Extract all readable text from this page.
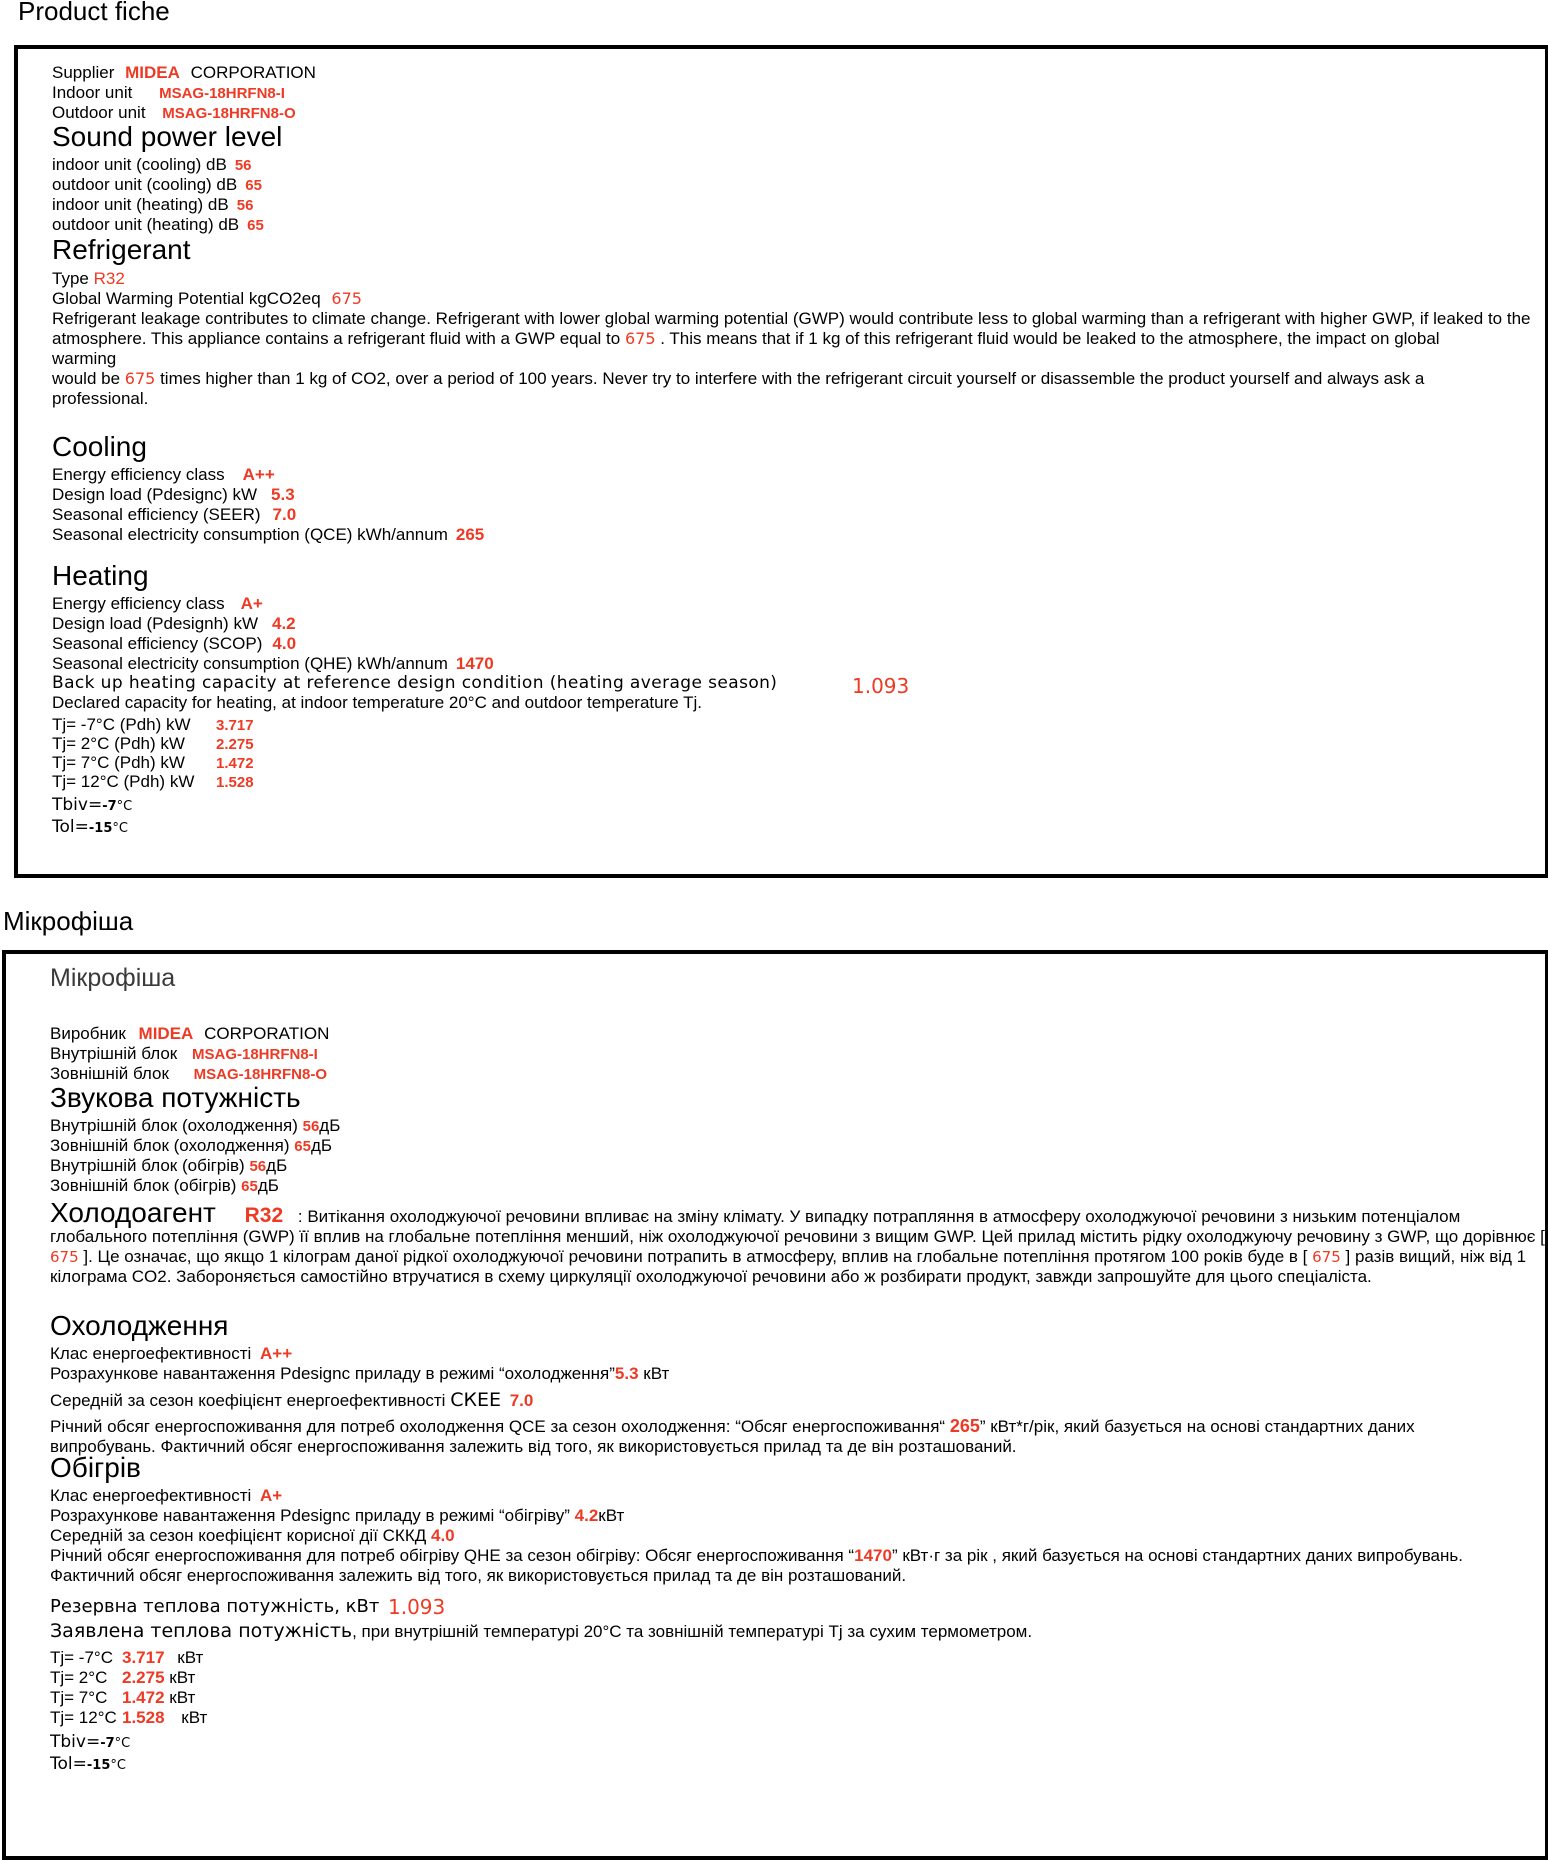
Product fiche
Supplier MIDEA CORPORATION
Indoor unit MSAG-18HRFN8-I
Outdoor unit MSAG-18HRFN8-O
Sound power level
indoor unit (cooling) dB 56
outdoor unit (cooling) dB 65
indoor unit (heating) dB 56
outdoor unit (heating) dB 65
Refrigerant
Type R32
Global Warming Potential kgCO2eq 675
Refrigerant leakage contributes to climate change. Refrigerant with lower global warming potential (GWP) would contribute less to global warming than a refrigerant with higher GWP, if leaked to the
atmosphere. This appliance contains a refrigerant fluid with a GWP equal to 675 . This means that if 1 kg of this refrigerant fluid would be leaked to the atmosphere, the impact on global warming
would be 675 times higher than 1 kg of CO2, over a period of 100 years. Never try to interfere with the refrigerant circuit yourself or disassemble the product yourself and always ask a professional.
Cooling
Energy efficiency class A++
Design load (Pdesignc) kW 5.3
Seasonal efficiency (SEER) 7.0
Seasonal electricity consumption (QCE) kWh/annum 265
Heating
Energy efficiency class A+
Design load (Pdesignh) kW 4.2
Seasonal efficiency (SCOP) 4.0
Seasonal electricity consumption (QHE) kWh/annum 1470
Back up heating capacity at reference design condition (heating average season)	1.093
Declared capacity for heating, at indoor temperature 20°C and outdoor temperature Tj.
Tj= -7°C (Pdh) kW 3.717
Tj= 2°C (Pdh) kW 2.275
Tj= 7°C (Pdh) kW 1.472
Tj= 12°C (Pdh) kW 1.528
Tbiv=-7°C
Tol=-15°C
Мікрофіша
Мікрофіша
Виробник MIDEA CORPORATION
Внутрішній блок MSAG-18HRFN8-I
Зовнішній блок MSAG-18HRFN8-O
Звукова потужність
Внутрішній блок (охолодження) 56дБ
Зовнішній блок (охолодження) 65дБ
Внутрішній блок (обігрів) 56дБ
Зовнішній блок (обігрів) 65дБ
Холодоагент R32 : Витікання охолоджуючої речовини впливає на зміну клімату. У випадку потрапляння в атмосферу охолоджуючої речовини з низьким потенціалом глобального потепління (GWP) її вплив на глобальне потепління менший, ніж охолоджуючої речовини з вищим GWP. Цей прилад містить рідку охолоджуючу речовину з GWP, що дорівнює [ 675 ]. Це означає, що якщо 1 кілограм даної рідкої охолоджуючої речовини потрапить в атмосферу, вплив на глобальне потепління протягом 100 років буде в [ 675 ] разів вищий, ніж від 1 кілограма CO2. Забороняється самостійно втручатися в схему циркуляції охолоджуючої речовини або ж розбирати продукт, завжди запрошуйте для цього спеціаліста.
Охолодження
Клас енергоефективності A++
Розрахункове навантаження Pdesignc приладу в режимі “охолодження”5.3 кВт
Середній за сезон коефіцієнт енергоефективності СКЕЕ 7.0
Річний обсяг енергоспоживання для потреб охолодження QCE за сезон охолодження: “Обсяг енергоспоживання“ 265” кВт*г/рік, який базується на основі стандартних даних випробувань. Фактичний обсяг енергоспоживання залежить від того, як використовується прилад та де він розташований.
Обігрів
Клас енергоефективності A+
Розрахункове навантаження Pdesignc приладу в режимі “обігріву” 4.2кВт
Середній за сезон коефіцієнт корисної дії СККД 4.0
Річний обсяг енергоспоживання для потреб обігріву QHE за сезон обігріву: Обсяг енергоспоживання “1470” кВт·г за рік , який базується на основі стандартних даних випробувань. Фактичний обсяг енергоспоживання залежить від того, як використовується прилад та де він розташований.
Резервна теплова потужність, кВт 1.093
Заявлена теплова потужність, при внутрішній температурі 20°C та зовнішній температурі Tj за сухим термометром.
Tj= -7°C 3.717 кВт
Tj= 2°C 2.275 кВт
Tj= 7°C 1.472 кВт
Tj= 12°C 1.528 кВт
Tbiv=-7°C
Tol=-15°C
